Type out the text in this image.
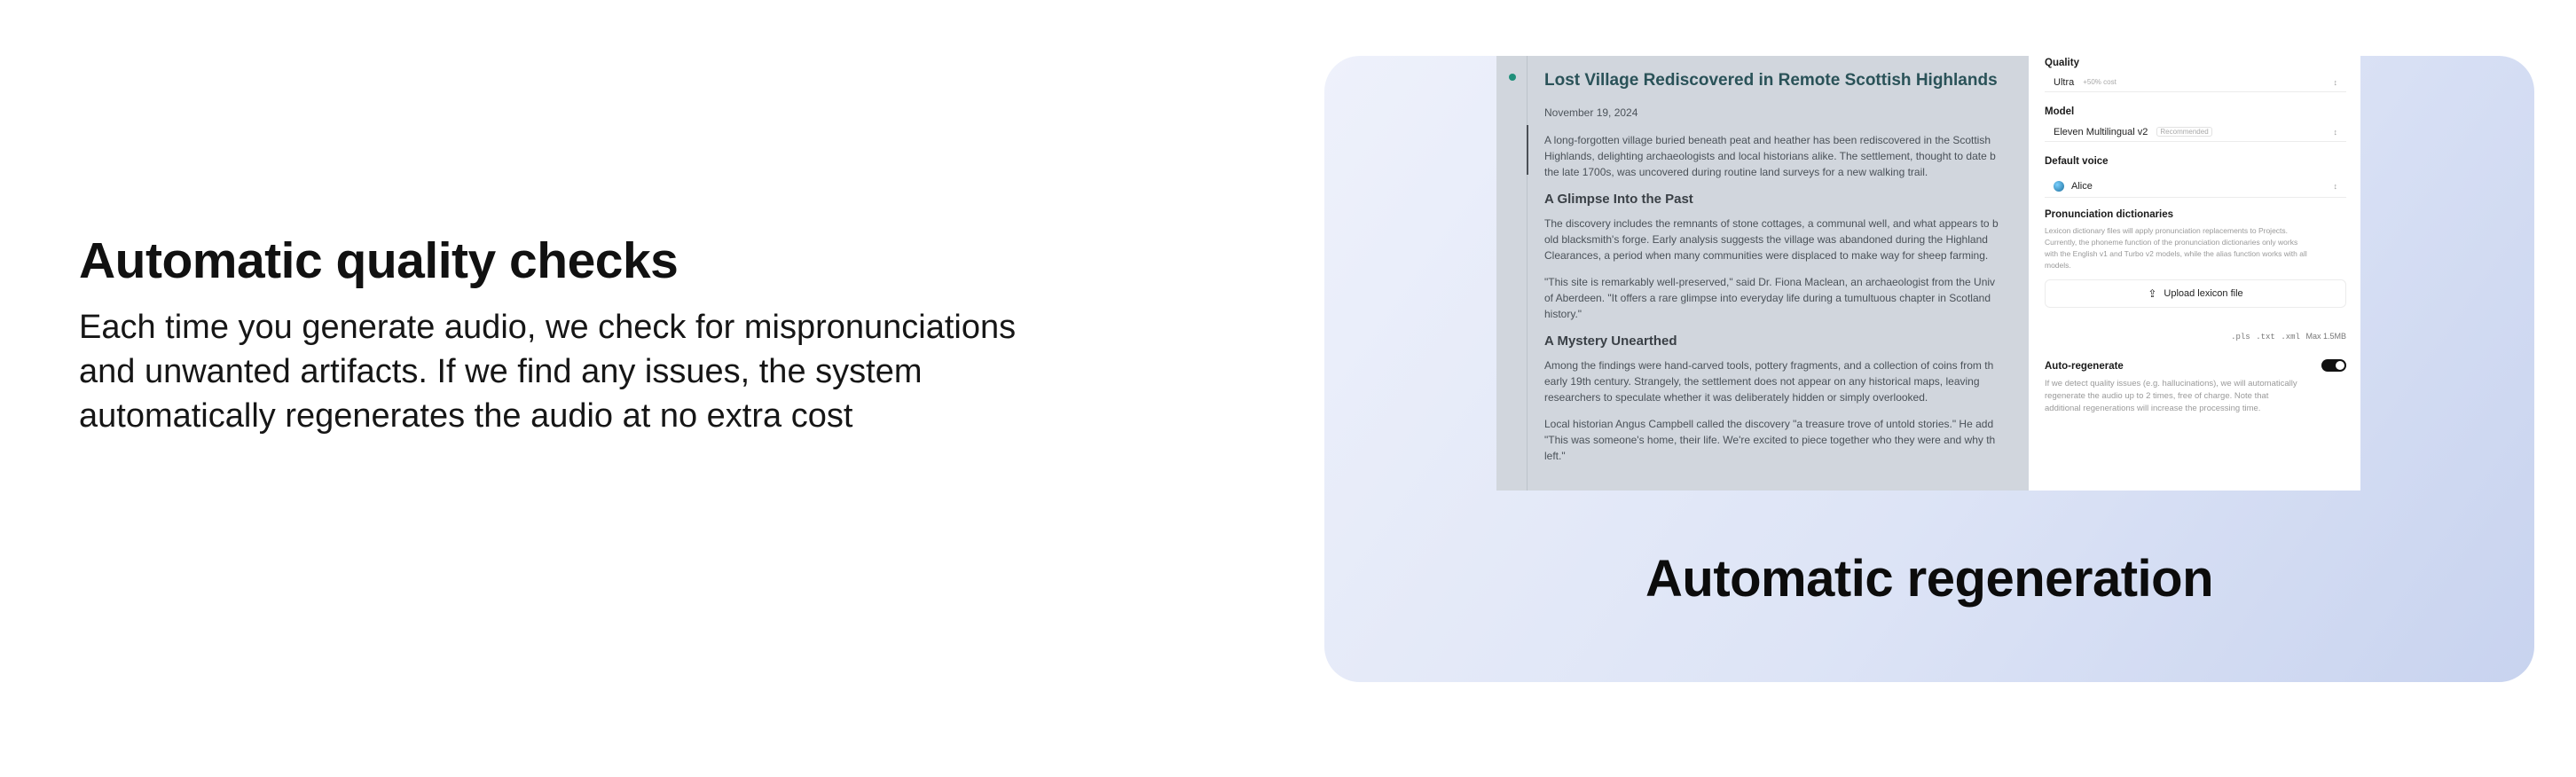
Automatic quality checks

Each time you generate audio, we check for mispronunciations
and unwanted artifacts. If we find any issues, the system
automatically regenerates the audio at no extra cost

Lost Village Rediscovered in Remote Scottish Highlands
November 19, 2024
A long-forgotten village buried beneath peat and heather has been rediscovered in the Scottish
Highlands, delighting archaeologists and local historians alike. The settlement, thought to date b
the late 1700s, was uncovered during routine land surveys for a new walking trail.
A Glimpse Into the Past
The discovery includes the remnants of stone cottages, a communal well, and what appears to b
old blacksmith's forge. Early analysis suggests the village was abandoned during the Highland
Clearances, a period when many communities were displaced to make way for sheep farming.
"This site is remarkably well-preserved," said Dr. Fiona Maclean, an archaeologist from the Univ
of Aberdeen. "It offers a rare glimpse into everyday life during a tumultuous chapter in Scotland
history."
A Mystery Unearthed
Among the findings were hand-carved tools, pottery fragments, and a collection of coins from th
early 19th century. Strangely, the settlement does not appear on any historical maps, leaving
researchers to speculate whether it was deliberately hidden or simply overlooked.
Local historian Angus Campbell called the discovery "a treasure trove of untold stories." He add
"This was someone's home, their life. We're excited to piece together who they were and why th
left."
Quality
Ultra +50% cost	↕
Model
Eleven Multilingual v2	Recommended	↕
Default voice
Alice	↕
Pronunciation dictionaries
Lexicon dictionary files will apply pronunciation replacements to Projects.
Currently, the phoneme function of the pronunciation dictionaries only works
with the English v1 and Turbo v2 models, while the alias function works with all
models.
⇪ Upload lexicon file
.pls .txt .xml Max 1.5MB
Auto-regenerate
If we detect quality issues (e.g. hallucinations), we will automatically
regenerate the audio up to 2 times, free of charge. Note that
additional regenerations will increase the processing time.
Automatic regeneration
